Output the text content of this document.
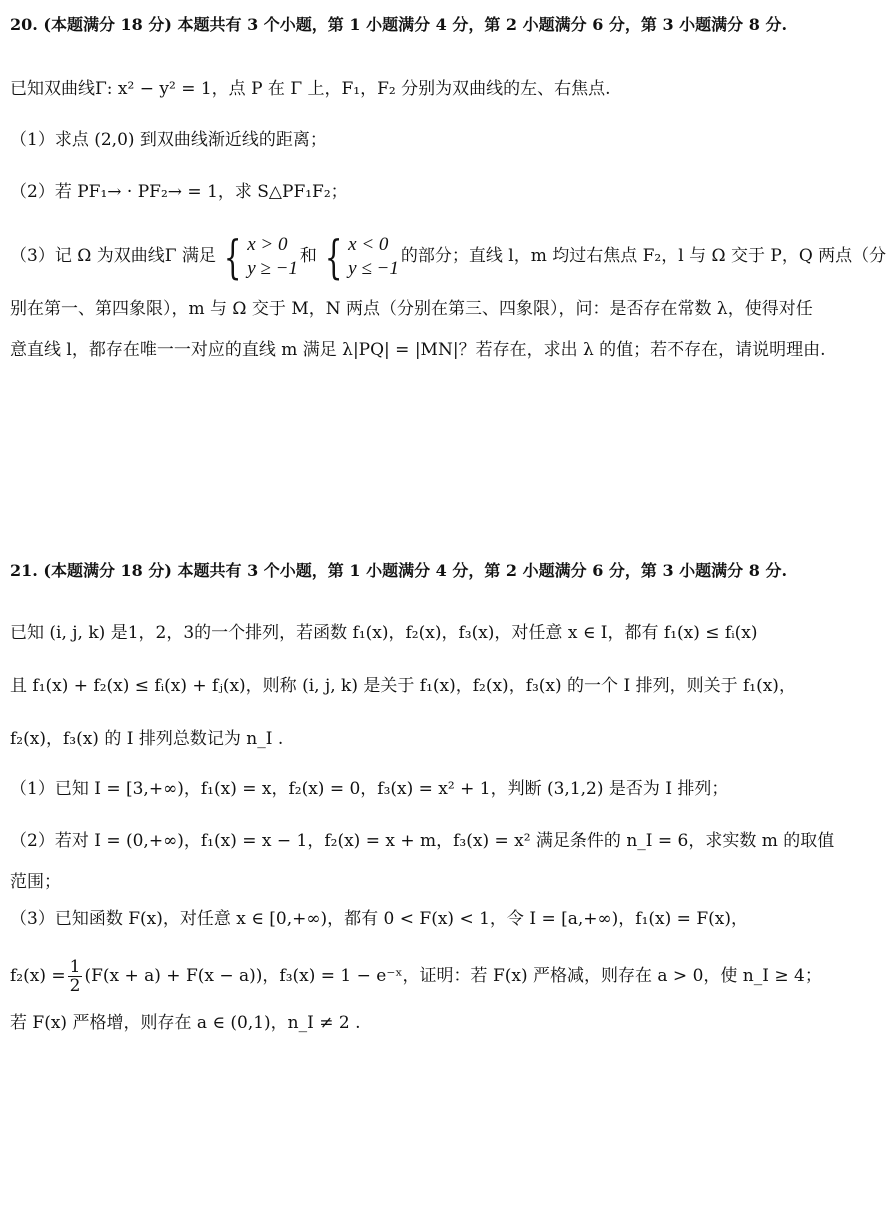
20. (本题满分 18 分) 本题共有 3 个小题，第 1 小题满分 4 分，第 2 小题满分 6 分，第 3 小题满分 8 分.
已知双曲线Γ: x² − y² = 1，点 P 在 Γ 上，F₁，F₂ 分别为双曲线的左、右焦点.
（1）求点 (2,0) 到双曲线渐近线的距离；
（2）若 PF₁→ · PF₂→ = 1，求 S△PF₁F₂；
（3）记 Ω 为双曲线Γ 满足 { x > 0
y ≥ −1
和 { x < 0
y ≤ −1
的部分；直线 l，m 均过右焦点 F₂，l 与 Ω 交于 P，Q 两点（分
别在第一、第四象限），m 与 Ω 交于 M，N 两点（分别在第三、四象限），问：是否存在常数 λ，使得对任
意直线 l，都存在唯一一对应的直线 m 满足 λ|PQ| = |MN|？若存在，求出 λ 的值；若不存在，请说明理由.
21. (本题满分 18 分) 本题共有 3 个小题，第 1 小题满分 4 分，第 2 小题满分 6 分，第 3 小题满分 8 分.
已知 (i, j, k) 是1，2，3的一个排列，若函数 f₁(x)，f₂(x)，f₃(x)，对任意 x ∈ I，都有 f₁(x) ≤ fᵢ(x)
且 f₁(x) + f₂(x) ≤ fᵢ(x) + fⱼ(x)，则称 (i, j, k) 是关于 f₁(x)，f₂(x)，f₃(x) 的一个 I 排列，则关于 f₁(x)，
f₂(x)，f₃(x) 的 I 排列总数记为 n_I .
（1）已知 I = [3,+∞)，f₁(x) = x，f₂(x) = 0，f₃(x) = x² + 1，判断 (3,1,2) 是否为 I 排列；
（2）若对 I = (0,+∞)，f₁(x) = x − 1，f₂(x) = x + m，f₃(x) = x² 满足条件的 n_I = 6，求实数 m 的取值
范围；
（3）已知函数 F(x)，对任意 x ∈ [0,+∞)，都有 0 < F(x) < 1，令 I = [a,+∞)，f₁(x) = F(x)，
$f_2(x) = \frac{1}{2} (F(x + a) + F(x - a))$，f₃(x) = 1 − e⁻ˣ，证明：若 F(x) 严格减，则存在 a > 0，使 n_I ≥ 4；
若 F(x) 严格增，则存在 a ∈ (0,1)，n_I ≠ 2 .
